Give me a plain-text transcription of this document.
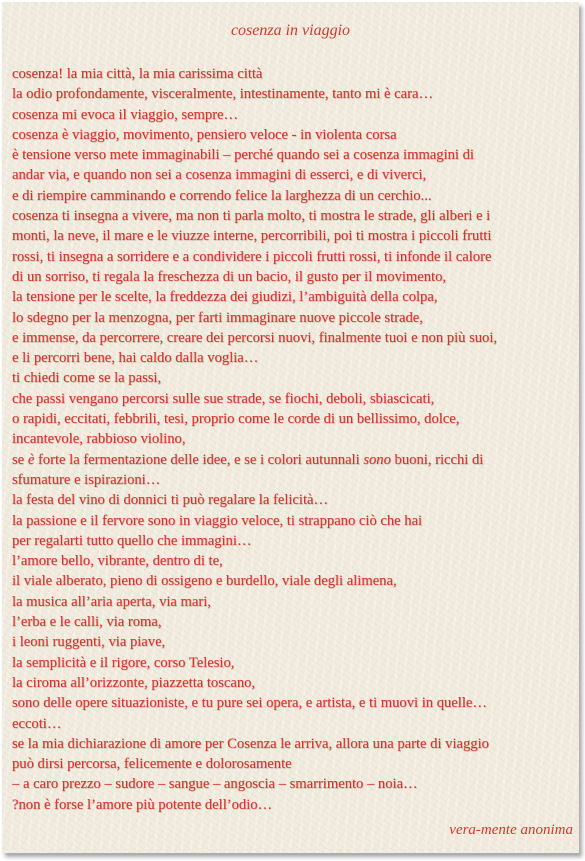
cosenza in viaggio
cosenza! la mia città, la mia carissima città
la odio profondamente, visceralmente, intestinamente, tanto mi è cara…
cosenza mi evoca il viaggio, sempre…
cosenza è viaggio, movimento, pensiero veloce - in violenta corsa
è tensione verso mete immaginabili – perché quando sei a cosenza immagini di
andar via, e quando non sei a cosenza immagini di esserci, e di viverci,
e di riempire camminando e correndo felice la larghezza di un cerchio...
cosenza ti insegna a vivere, ma non ti parla molto, ti mostra le strade, gli alberi e i
monti, la neve, il mare e le viuzze interne, percorribili, poi ti mostra i piccoli frutti
rossi, ti insegna a sorridere e a condividere i piccoli frutti rossi, ti infonde il calore
di un sorriso, ti regala la freschezza di un bacio, il gusto per il movimento,
la tensione per le scelte, la freddezza dei giudizi, l’ambiguità della colpa,
lo sdegno per la menzogna, per farti immaginare nuove piccole strade,
e immense, da percorrere, creare dei percorsi nuovi, finalmente tuoi e non più suoi,
e li percorri bene, hai caldo dalla voglia…
ti chiedi come se la passi,
che passi vengano percorsi sulle sue strade, se fiochi, deboli, sbiascicati,
o rapidi, eccitati, febbrili, tesi, proprio come le corde di un bellissimo, dolce,
incantevole, rabbioso violino,
se è forte la fermentazione delle idee, e se i colori autunnali sono buoni, ricchi di
sfumature e ispirazioni…
la festa del vino di donnici ti può regalare la felicità…
la passione e il fervore sono in viaggio veloce, ti strappano ciò che hai
per regalarti tutto quello che immagini…
l’amore bello, vibrante, dentro di te,
il viale alberato, pieno di ossigeno e burdello, viale degli alimena,
la musica all’aria aperta, via mari,
l’erba e le calli, via roma,
i leoni ruggenti, via piave,
la semplicità e il rigore, corso Telesio,
la ciroma all’orizzonte, piazzetta toscano,
sono delle opere situazioniste, e tu pure sei opera, e artista, e ti muovi in quelle…
eccoti…
se la mia dichiarazione di amore per Cosenza le arriva, allora una parte di viaggio
può dirsi percorsa, felicemente e dolorosamente
– a caro prezzo – sudore – sangue – angoscia – smarrimento – noia…
?non è forse l’amore più potente dell’odio…

vera-mente anonima
